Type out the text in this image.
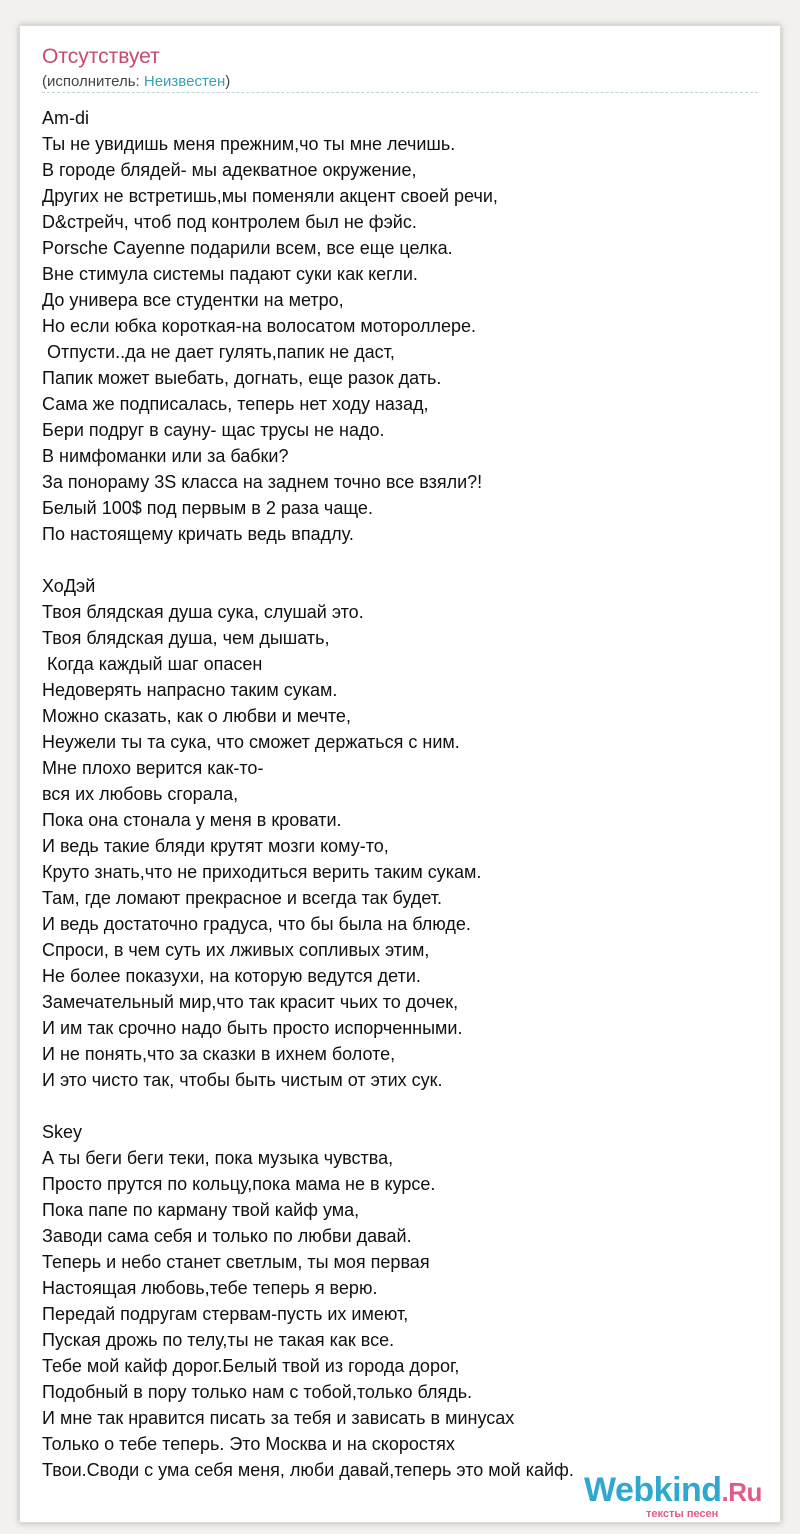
Отсутствует
(исполнитель: Неизвестен)
Am-di
Ты не увидишь меня прежним,чо ты мне лечишь.
В городе блядей- мы адекватное окружение,
Других не встретишь,мы поменяли акцент своей речи,
D&стрейч, чтоб под контролем был не фэйс.
Porsche Cayenne подарили всем, все еще целка.
Вне стимула системы падают суки как кегли.
До универа все студентки на метро,
Но если юбка короткая-на волосатом мотороллере.
Отпусти..да не дает гулять,папик не даст,
Папик может выебать, догнать, еще разок дать.
Сама же подписалась, теперь нет ходу назад,
Бери подруг в сауну- щас трусы не надо.
В нимфоманки или за бабки?
За понораму 3S класса на заднем точно все взяли?!
Белый 100$ под первым в 2 раза чаще.
По настоящему кричать ведь впадлу.
ХоДэй
Твоя блядская душа сука, слушай это.
Твоя блядская душа, чем дышать,
Когда каждый шаг опасен
Недоверять напрасно таким сукам.
Можно сказать, как о любви и мечте,
Неужели ты та сука, что сможет держаться с ним.
Мне плохо верится как-то-
вся их любовь сгорала,
Пока она стонала у меня в кровати.
И ведь такие бляди крутят мозги кому-то,
Круто знать,что не приходиться верить таким сукам.
Там, где ломают прекрасное и всегда так будет.
И ведь достаточно градуса, что бы была на блюде.
Спроси, в чем суть их лживых сопливых этим,
Не более показухи, на которую ведутся дети.
Замечательный мир,что так красит чьих то дочек,
И им так срочно надо быть просто испорченными.
И не понять,что за сказки в ихнем болоте,
И это чисто так, чтобы быть чистым от этих сук.
Skey
А ты беги беги теки, пока музыка чувства,
Просто прутся по кольцу,пока мама не в курсе.
Пока папе по карману твой кайф ума,
Заводи сама себя и только по любви давай.
Теперь и небо станет светлым, ты моя первая
Настоящая любовь,тебе теперь я верю.
Передай подругам стервам-пусть их имеют,
Пуская дрожь по телу,ты не такая как все.
Тебе мой кайф дорог.Белый твой из города дорог,
Подобный в пору только нам с тобой,только блядь.
И мне так нравится писать за тебя и зависать в минусах
Только о тебе теперь. Это Москва и на скоростях
Твои.Своди с ума себя меня, люби давай,теперь это мой кайф.
Webkind.Ru
тексты песен
